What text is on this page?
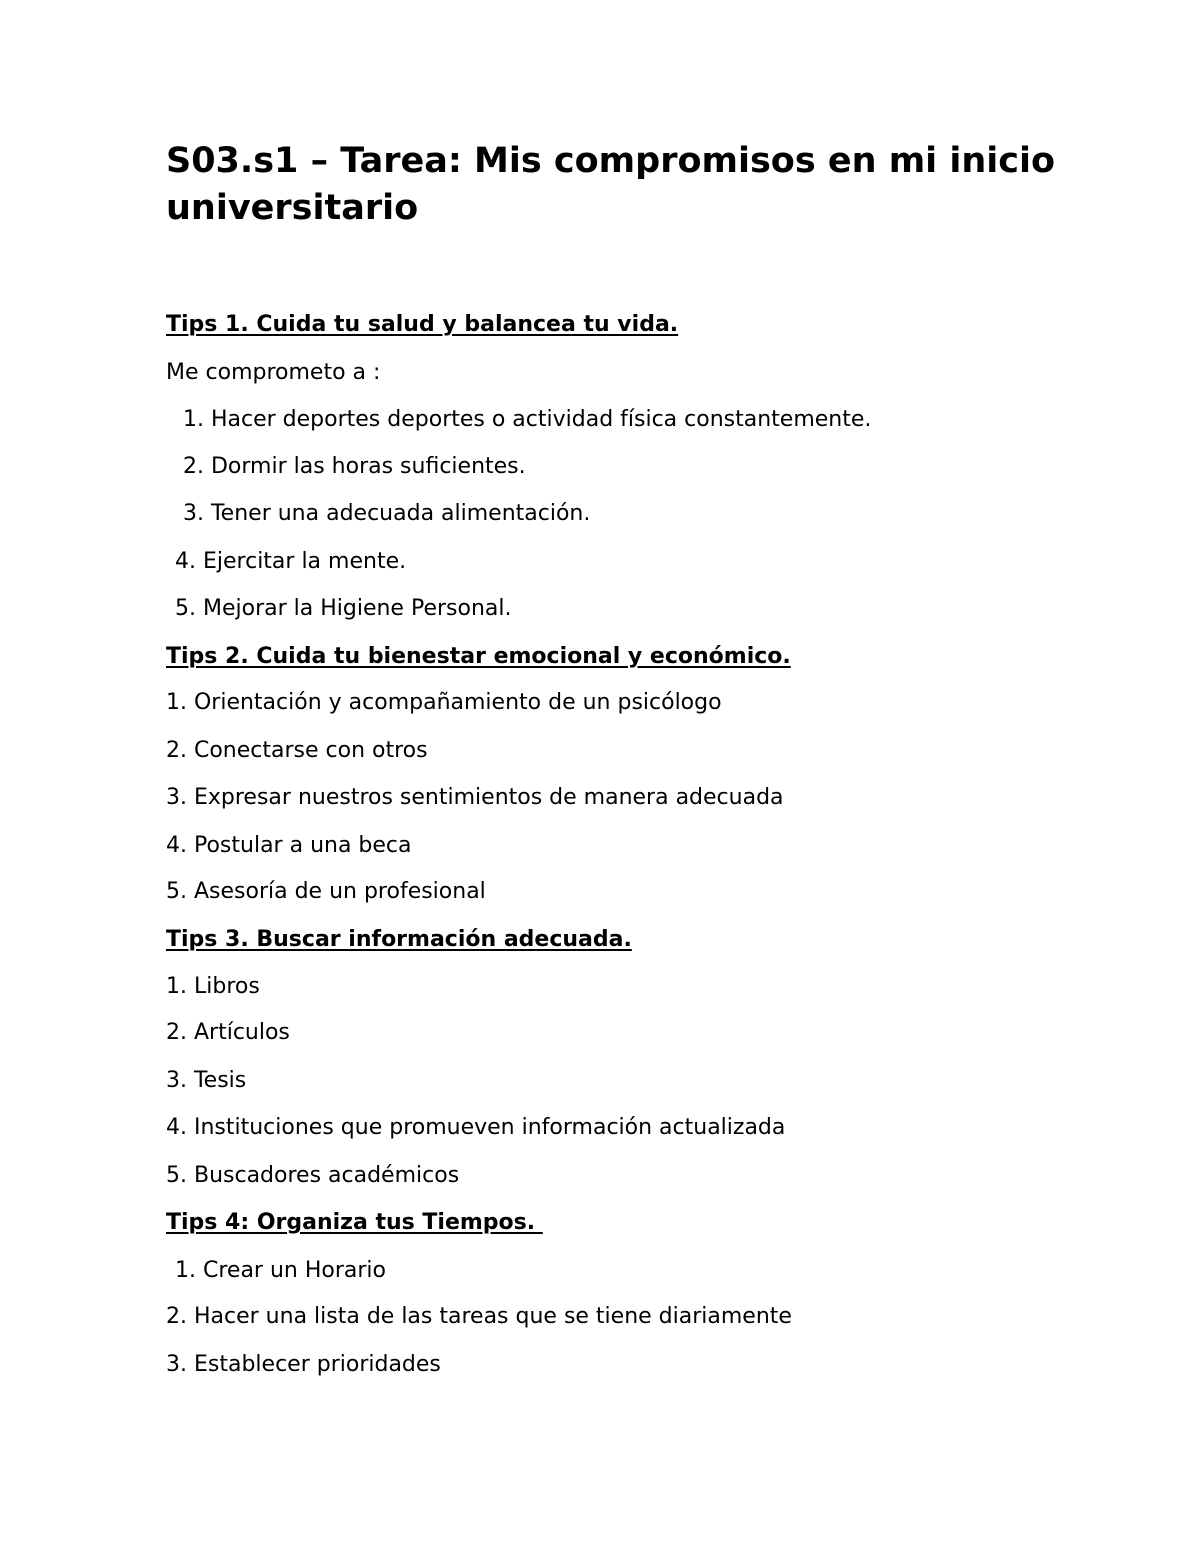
S03.s1 – Tarea: Mis compromisos en mi inicio universitario

Tips 1. Cuida tu salud y balancea tu vida.

Me comprometo a :

1. Hacer deportes deportes o actividad física constantemente.

2. Dormir las horas suficientes.

3. Tener una adecuada alimentación.

4. Ejercitar la mente.

5. Mejorar la Higiene Personal.

Tips 2. Cuida tu bienestar emocional y económico.

1. Orientación y acompañamiento de un psicólogo

2. Conectarse con otros

3. Expresar nuestros sentimientos de manera adecuada

4. Postular a una beca

5. Asesoría de un profesional

Tips 3. Buscar información adecuada.

1. Libros

2. Artículos

3. Tesis

4. Instituciones que promueven información actualizada

5. Buscadores académicos

Tips 4: Organiza tus Tiempos.

1. Crear un Horario

2. Hacer una lista de las tareas que se tiene diariamente

3. Establecer prioridades
